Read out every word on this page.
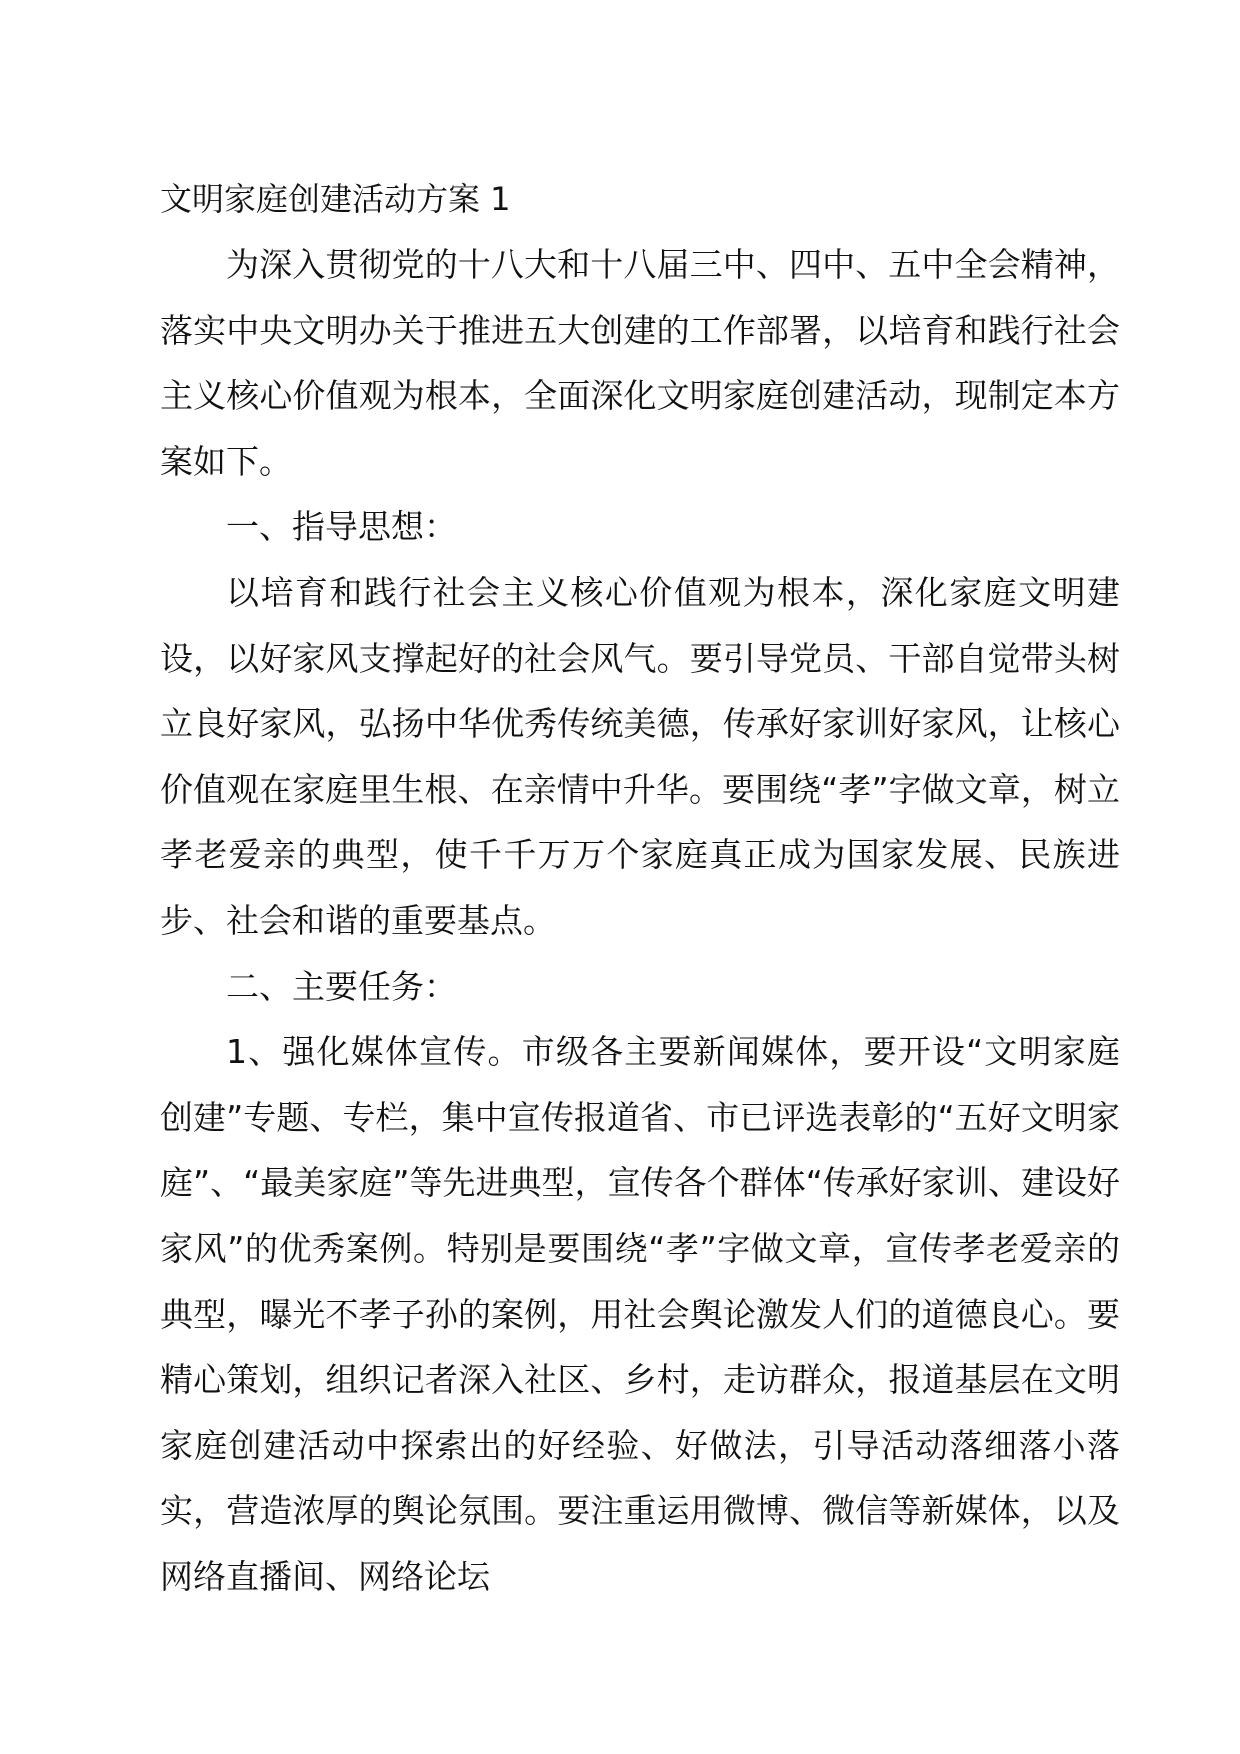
文明家庭创建活动方案 1

为深入贯彻党的十八大和十八届三中、四中、五中全会精神，落实中央文明办关于推进五大创建的工作部署，以培育和践行社会主义核心价值观为根本，全面深化文明家庭创建活动，现制定本方案如下。

一、指导思想：

以培育和践行社会主义核心价值观为根本，深化家庭文明建设，以好家风支撑起好的社会风气。要引导党员、干部自觉带头树立良好家风，弘扬中华优秀传统美德，传承好家训好家风，让核心价值观在家庭里生根、在亲情中升华。要围绕“孝”字做文章，树立孝老爱亲的典型，使千千万万个家庭真正成为国家发展、民族进步、社会和谐的重要基点。

二、主要任务：

1、强化媒体宣传。市级各主要新闻媒体，要开设“文明家庭创建”专题、专栏，集中宣传报道省、市已评选表彰的“五好文明家庭”、“最美家庭”等先进典型，宣传各个群体“传承好家训、建设好家风”的优秀案例。特别是要围绕“孝”字做文章，宣传孝老爱亲的典型，曝光不孝子孙的案例，用社会舆论激发人们的道德良心。要精心策划，组织记者深入社区、乡村，走访群众，报道基层在文明家庭创建活动中探索出的好经验、好做法，引导活动落细落小落实，营造浓厚的舆论氛围。要注重运用微博、微信等新媒体，以及网络直播间、网络论坛
